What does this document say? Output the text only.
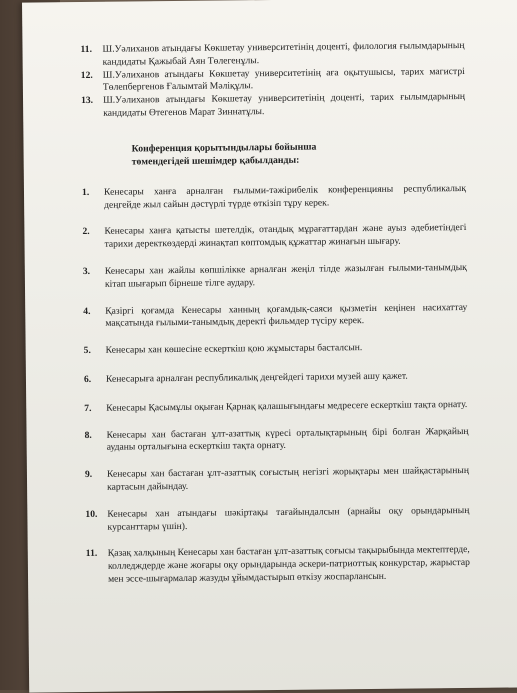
11. Ш.Уәлиханов атындағы Көкшетау университетінің доценті, филология ғылымдарының кандидаты Қажыбай Аян Төлегенұлы.
12. Ш.Уәлиханов атындағы Көкшетау университетінің аға оқытушысы, тарих магистрі Төлепбергенов Ғалымтай Мәліқұлы.
13. Ш.Уәлиханов атындағы Көкшетау университетінің доценті, тарих ғылымдарының кандидаты Өтегенов Марат Зиннатұлы.
Конференция қорытындылары бойынша төмендегідей шешімдер қабылданды:
1. Кенесары ханға арналған ғылыми-тәжірибелік конференцияны республикалық деңгейде жыл сайын дәстүрлі түрде өткізіп тұру керек.
2. Кенесары ханға қатысты шетелдік, отандық мұрағаттардан және ауыз әдебиетіндегі тарихи деректкөздерді жинақтап көптомдық құжаттар жинағын шығару.
3. Кенесары хан жайлы көпшілікке арналған жеңіл тілде жазылған ғылыми-танымдық кітап шығарып бірнеше тілге аудару.
4. Қазіргі қоғамда Кенесары ханның қоғамдық-саяси қызметін кеңінен насихаттау мақсатында ғылыми-танымдық деректі фильмдер түсіру керек.
5. Кенесары хан көшесіне ескерткіш қою жұмыстары басталсын.
6. Кенесарыға арналған республикалық деңгейдегі тарихи музей ашу қажет.
7. Кенесары Қасымұлы оқыған Қарнақ қалашығындағы медресеге ескерткіш тақта орнату.
8. Кенесары хан бастаған ұлт-азаттық күресі орталықтарының бірі болған Жарқайың ауданы орталығына ескерткіш тақта орнату.
9. Кенесары хан бастаған ұлт-азаттық соғыстың негізгі жорықтары мен шайқастарының картасын дайындау.
10. Кенесары хан атындағы шәкіртақы тағайындалсын (арнайы оқу орындарының курсанттары үшін).
11. Қазақ халқының Кенесары хан бастаған ұлт-азаттық соғысы тақырыбында мектептерде, колледждерде және жоғары оқу орындарында әскери-патриоттық конкурстар, жарыстар мен эссе-шығармалар жазуды ұйымдастырып өткізу жоспарлансын.
